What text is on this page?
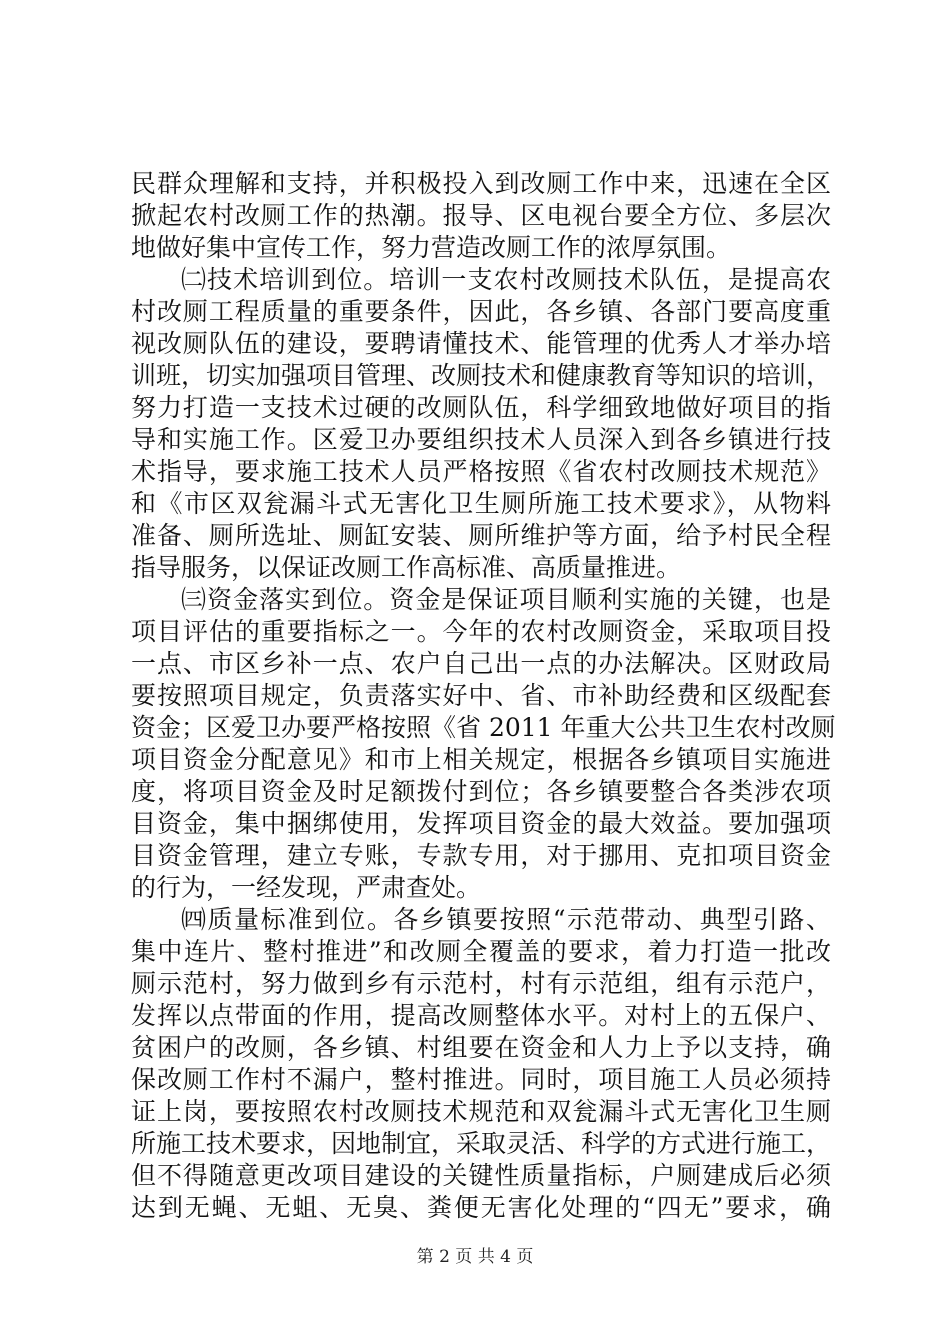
民群众理解和支持，并积极投入到改厕工作中来，迅速在全区
掀起农村改厕工作的热潮。报导、区电视台要全方位、多层次
地做好集中宣传工作，努力营造改厕工作的浓厚氛围。
㈡技术培训到位。培训一支农村改厕技术队伍，是提高农
村改厕工程质量的重要条件，因此，各乡镇、各部门要高度重
视改厕队伍的建设，要聘请懂技术、能管理的优秀人才举办培
训班，切实加强项目管理、改厕技术和健康教育等知识的培训，
努力打造一支技术过硬的改厕队伍，科学细致地做好项目的指
导和实施工作。区爱卫办要组织技术人员深入到各乡镇进行技
术指导，要求施工技术人员严格按照《省农村改厕技术规范》
和《市区双瓮漏斗式无害化卫生厕所施工技术要求》，从物料
准备、厕所选址、厕缸安装、厕所维护等方面，给予村民全程
指导服务，以保证改厕工作高标准、高质量推进。
㈢资金落实到位。资金是保证项目顺利实施的关键，也是
项目评估的重要指标之一。今年的农村改厕资金，采取项目投
一点、市区乡补一点、农户自己出一点的办法解决。区财政局
要按照项目规定，负责落实好中、省、市补助经费和区级配套
资金；区爱卫办要严格按照《省 2011 年重大公共卫生农村改厕
项目资金分配意见》和市上相关规定，根据各乡镇项目实施进
度，将项目资金及时足额拨付到位；各乡镇要整合各类涉农项
目资金，集中捆绑使用，发挥项目资金的最大效益。要加强项
目资金管理，建立专账，专款专用，对于挪用、克扣项目资金
的行为，一经发现，严肃查处。
㈣质量标准到位。各乡镇要按照“示范带动、典型引路、
集中连片、整村推进”和改厕全覆盖的要求，着力打造一批改
厕示范村，努力做到乡有示范村，村有示范组，组有示范户，
发挥以点带面的作用，提高改厕整体水平。对村上的五保户、
贫困户的改厕，各乡镇、村组要在资金和人力上予以支持，确
保改厕工作村不漏户，整村推进。同时，项目施工人员必须持
证上岗，要按照农村改厕技术规范和双瓮漏斗式无害化卫生厕
所施工技术要求，因地制宜，采取灵活、科学的方式进行施工，
但不得随意更改项目建设的关键性质量指标，户厕建成后必须
达到无蝇、无蛆、无臭、粪便无害化处理的“四无”要求，确
第 2 页 共 4 页
